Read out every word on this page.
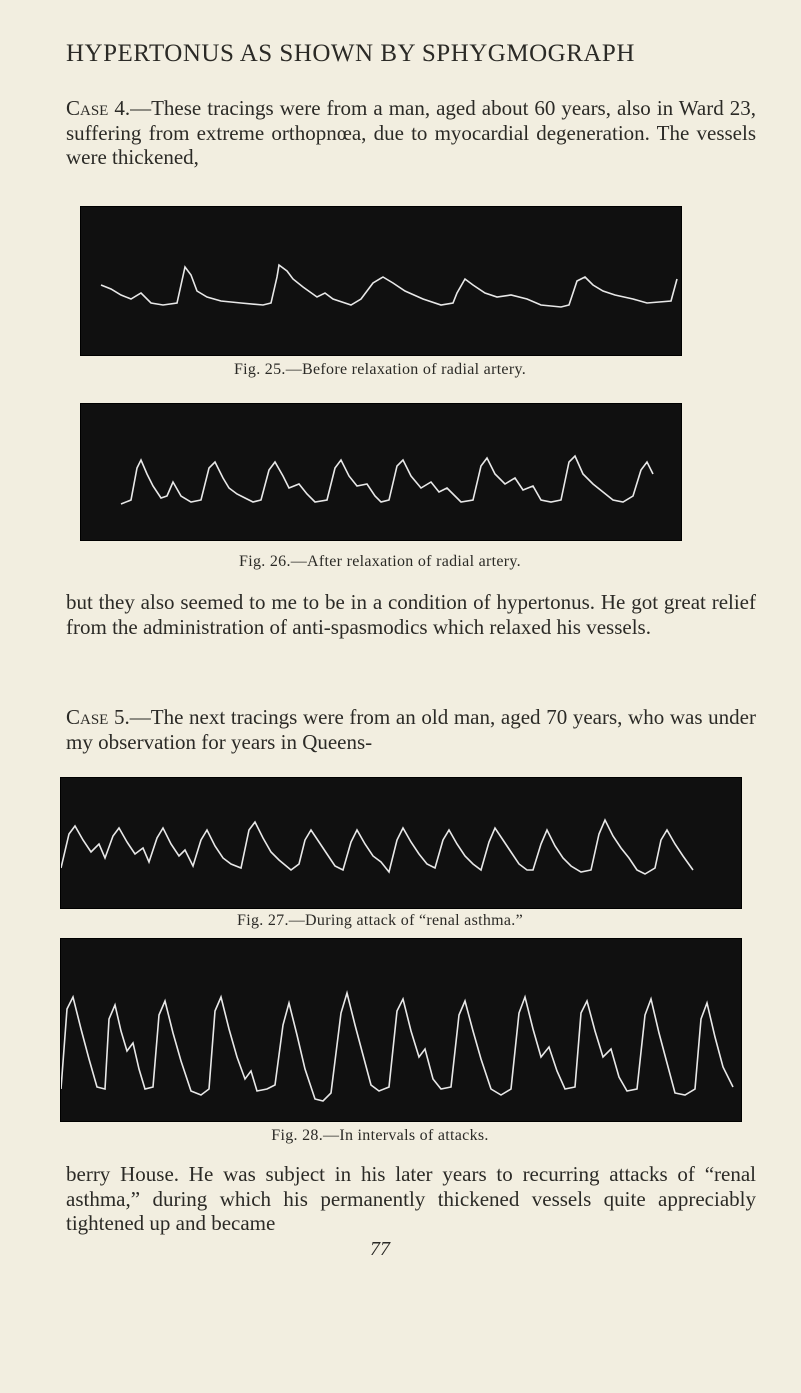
HYPERTONUS AS SHOWN BY SPHYGMOGRAPH

Case 4.—These tracings were from a man, aged about 60 years, also in Ward 23, suffering from extreme orthopnœa, due to myocardial degeneration. The vessels were thickened,

Fig. 25.—Before relaxation of radial artery.
Fig. 26.—After relaxation of radial artery.

but they also seemed to me to be in a condition of hypertonus. He got great relief from the administration of anti-spasmodics which relaxed his vessels.

Case 5.—The next tracings were from an old man, aged 70 years, who was under my observation for years in Queens-

Fig. 27.—During attack of “renal asthma.”
Fig. 28.—In intervals of attacks.

berry House. He was subject in his later years to recurring attacks of “renal asthma,” during which his permanently thickened vessels quite appreciably tightened up and became

77
